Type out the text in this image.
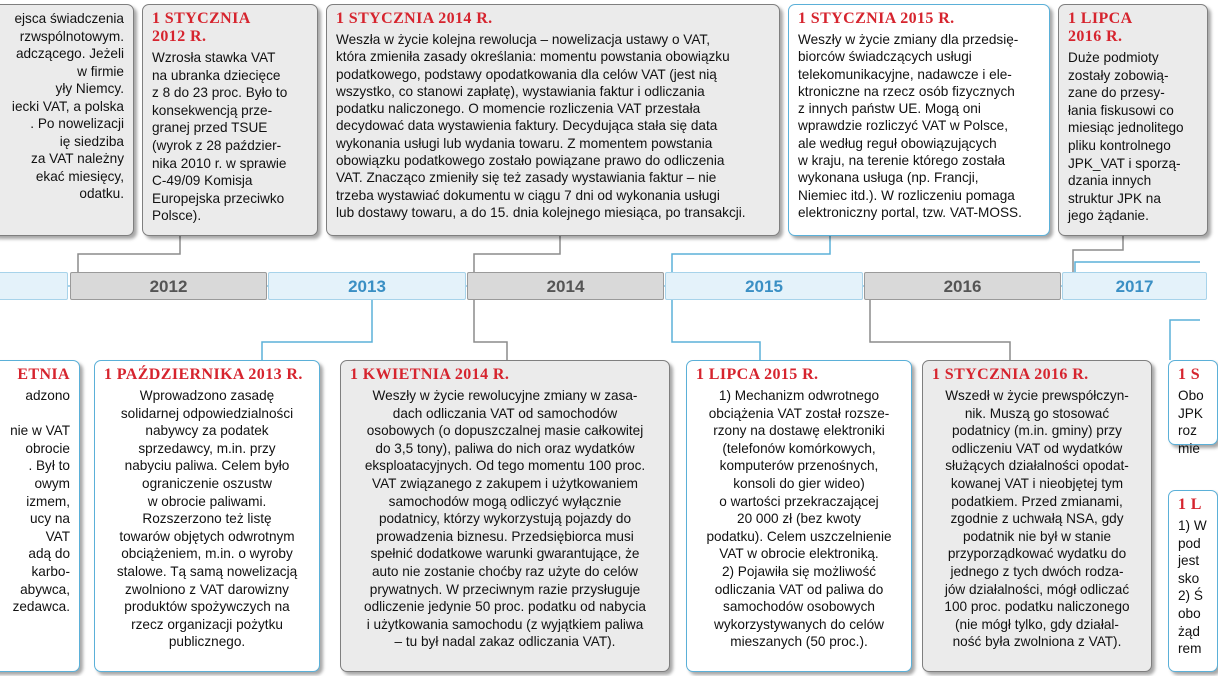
2012	2013	2014	2015	2016	2017

ejsca świadczenia
rzwspólnotowym.
adczącego. Jeżeli
w firmie
yły Niemcy.
iecki VAT, a polska
. Po nowelizacji
ię siedziba
za VAT należny
ekać miesięcy,
odatku.

1 STYCZNIA
2012 R.

Wzrosła stawka VAT
na ubranka dziecięce
z 8 do 23 proc. Było to
konsekwencją prze-
granej przed TSUE
(wyrok z 28 paździer-
nika 2010 r. w sprawie
C-49/09 Komisja
Europejska przeciwko
Polsce).

1 STYCZNIA 2014 R.

Weszła w życie kolejna rewolucja – nowelizacja ustawy o VAT,
która zmieniła zasady określania: momentu powstania obowiązku
podatkowego, podstawy opodatkowania dla celów VAT (jest nią
wszystko, co stanowi zapłatę), wystawiania faktur i odliczania
podatku naliczonego. O momencie rozliczenia VAT przestała
decydować data wystawienia faktury. Decydująca stała się data
wykonania usługi lub wydania towaru. Z momentem powstania
obowiązku podatkowego zostało powiązane prawo do odliczenia
VAT. Znacząco zmieniły się też zasady wystawiania faktur – nie
trzeba wystawiać dokumentu w ciągu 7 dni od wykonania usługi
lub dostawy towaru, a do 15. dnia kolejnego miesiąca, po transakcji.

1 STYCZNIA 2015 R.

Weszły w życie zmiany dla przedsię-
biorców świadczących usługi
telekomunikacyjne, nadawcze i ele-
ktroniczne na rzecz osób fizycznych
z innych państw UE. Mogą oni
wprawdzie rozliczyć VAT w Polsce,
ale według reguł obowiązujących
w kraju, na terenie którego została
wykonana usługa (np. Francji,
Niemiec itd.). W rozliczeniu pomaga
elektroniczny portal, tzw. VAT-MOSS.

1 LIPCA
2016 R.

Duże podmioty
zostały zobowią-
zane do przesy-
łania fiskusowi co
miesiąc jednolitego
pliku kontrolnego
JPK_VAT i sporzą-
dzania innych
struktur JPK na
jego żądanie.

ETNIA

adzono

nie w VAT
obrocie
. Był to
owym
izmem,
ucy na
VAT
adą do
karbo-
abywca,
zedawca.

1 PAŹDZIERNIKA 2013 R.

Wprowadzono zasadę
solidarnej odpowiedzialności
nabywcy za podatek
sprzedawcy, m.in. przy
nabyciu paliwa. Celem było
ograniczenie oszustw
w obrocie paliwami.
Rozszerzono też listę
towarów objętych odwrotnym
obciążeniem, m.in. o wyroby
stalowe. Tą samą nowelizacją
zwolniono z VAT darowizny
produktów spożywczych na
rzecz organizacji pożytku
publicznego.

1 KWIETNIA 2014 R.

Weszły w życie rewolucyjne zmiany w zasa-
dach odliczania VAT od samochodów
osobowych (o dopuszczalnej masie całkowitej
do 3,5 tony), paliwa do nich oraz wydatków
eksploatacyjnych. Od tego momentu 100 proc.
VAT związanego z zakupem i użytkowaniem
samochodów mogą odliczyć wyłącznie
podatnicy, którzy wykorzystują pojazdy do
prowadzenia biznesu. Przedsiębiorca musi
spełnić dodatkowe warunki gwarantujące, że
auto nie zostanie choćby raz użyte do celów
prywatnych. W przeciwnym razie przysługuje
odliczenie jedynie 50 proc. podatku od nabycia
i użytkowania samochodu (z wyjątkiem paliwa
– tu był nadal zakaz odliczania VAT).

1 LIPCA 2015 R.

1) Mechanizm odwrotnego
obciążenia VAT został rozsze-
rzony na dostawę elektroniki
(telefonów komórkowych,
komputerów przenośnych,
konsoli do gier wideo)
o wartości przekraczającej
20 000 zł (bez kwoty
podatku). Celem uszczelnienie
VAT w obrocie elektroniką.
2) Pojawiła się możliwość
odliczania VAT od paliwa do
samochodów osobowych
wykorzystywanych do celów
mieszanych (50 proc.).

1 STYCZNIA 2016 R.

Wszedł w życie prewspółczyn-
nik. Muszą go stosować
podatnicy (m.in. gminy) przy
odliczeniu VAT od wydatków
służących działalności opodat-
kowanej VAT i nieobjętej tym
podatkiem. Przed zmianami,
zgodnie z uchwałą NSA, gdy
podatnik nie był w stanie
przyporządkować wydatku do
jednego z tych dwóch rodza-
jów działalności, mógł odliczać
100 proc. podatku naliczonego
(nie mógł tylko, gdy działal-
ność była zwolniona z VAT).

1 S

Obo
JPK
roz
mie

1 L

1) W
pod
jest
sko
2) Ś
obo
żąd
rem
